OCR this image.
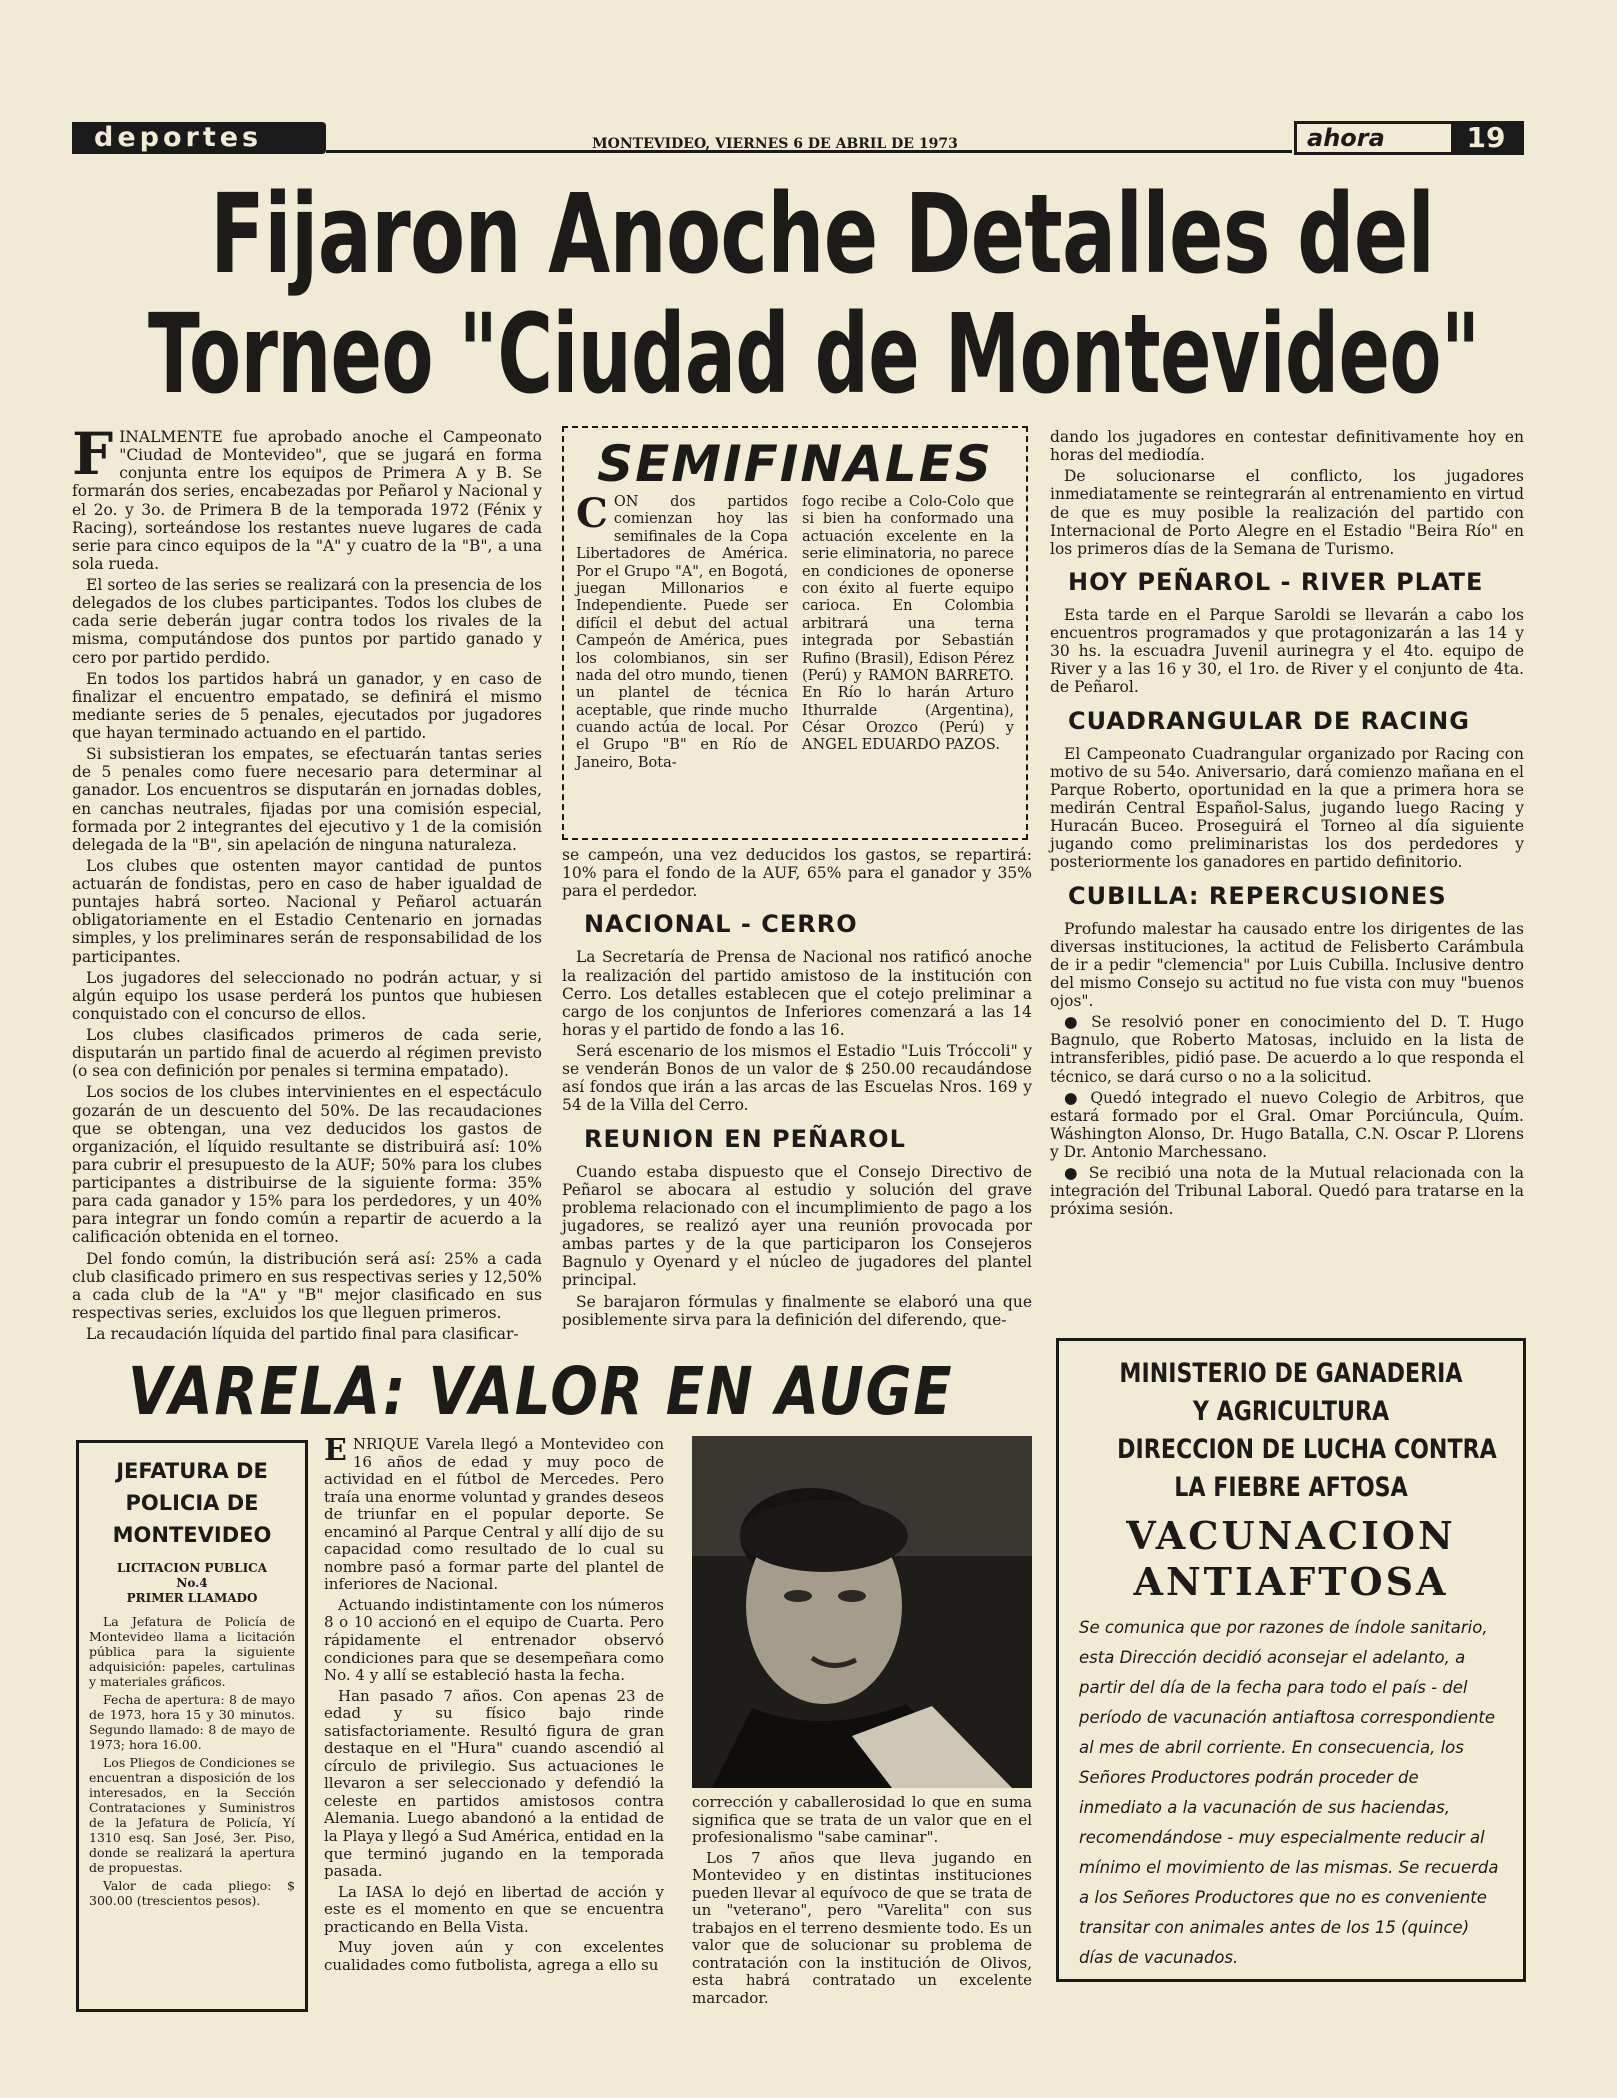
deportes	MONTEVIDEO, VIERNES 6 DE ABRIL DE 1973	ahora	19
Fijaron Anoche Detalles del
Torneo "Ciudad de Montevideo"
F INALMENTE fue aprobado anoche el Campeonato "Ciudad de Montevideo", que se jugará en forma conjunta entre los equipos de Primera A y B. Se formarán dos series, encabezadas por Peñarol y Nacional y el 2o. y 3o. de Primera B de la temporada 1972 (Fénix y Racing), sorteándose los restantes nueve lugares de cada serie para cinco equipos de la "A" y cuatro de la "B", a una sola rueda.

El sorteo de las series se realizará con la presencia de los delegados de los clubes participantes. Todos los clubes de cada serie deberán jugar contra todos los rivales de la misma, computándose dos puntos por partido ganado y cero por partido perdido.

En todos los partidos habrá un ganador, y en caso de finalizar el encuentro empatado, se definirá el mismo mediante series de 5 penales, ejecutados por jugadores que hayan terminado actuando en el partido.

Si subsistieran los empates, se efectuarán tantas series de 5 penales como fuere necesario para determinar al ganador. Los encuentros se disputarán en jornadas dobles, en canchas neutrales, fijadas por una comisión especial, formada por 2 integrantes del ejecutivo y 1 de la comisión delegada de la "B", sin apelación de ninguna naturaleza.

Los clubes que ostenten mayor cantidad de puntos actuarán de fondistas, pero en caso de haber igualdad de puntajes habrá sorteo. Nacional y Peñarol actuarán obligatoriamente en el Estadio Centenario en jornadas simples, y los preliminares serán de responsabilidad de los participantes.

Los jugadores del seleccionado no podrán actuar, y si algún equipo los usase perderá los puntos que hubiesen conquistado con el concurso de ellos.

Los clubes clasificados primeros de cada serie, disputarán un partido final de acuerdo al régimen previsto (o sea con definición por penales si termina empatado).

Los socios de los clubes intervinientes en el espectáculo gozarán de un descuento del 50%. De las recaudaciones que se obtengan, una vez deducidos los gastos de organización, el líquido resultante se distribuirá así: 10% para cubrir el presupuesto de la AUF; 50% para los clubes participantes a distribuirse de la siguiente forma: 35% para cada ganador y 15% para los perdedores, y un 40% para integrar un fondo común a repartir de acuerdo a la calificación obtenida en el torneo.

Del fondo común, la distribución será así: 25% a cada club clasificado primero en sus respectivas series y 12,50% a cada club de la "A" y "B" mejor clasificado en sus respectivas series, excluidos los que lleguen primeros.

La recaudación líquida del partido final para clasificar-

SEMIFINALES
CON dos partidos comienzan hoy las semifinales de la Copa Libertadores de América. Por el Grupo "A", en Bogotá, juegan Millonarios e Independiente. Puede ser difícil el debut del actual Campeón de América, pues los colombianos, sin ser nada del otro mundo, tienen un plantel de técnica aceptable, que rinde mucho cuando actúa de local. Por el Grupo "B" en Río de Janeiro, Bota-
fogo recibe a Colo-Colo que si bien ha conformado una actuación excelente en la serie eliminatoria, no parece en condiciones de oponerse con éxito al fuerte equipo carioca. En Colombia arbitrará una terna integrada por Sebastián Rufino (Brasil), Edison Pérez (Perú) y RAMON BARRETO. En Río lo harán Arturo Ithurralde (Argentina), César Orozco (Perú) y ANGEL EDUARDO PAZOS.

se campeón, una vez deducidos los gastos, se repartirá: 10% para el fondo de la AUF, 65% para el ganador y 35% para el perdedor.

NACIONAL - CERRO

La Secretaría de Prensa de Nacional nos ratificó anoche la realización del partido amistoso de la institución con Cerro. Los detalles establecen que el cotejo preliminar a cargo de los conjuntos de Inferiores comenzará a las 14 horas y el partido de fondo a las 16.

Será escenario de los mismos el Estadio "Luis Tróccoli" y se venderán Bonos de un valor de $ 250.00 recaudándose así fondos que irán a las arcas de las Escuelas Nros. 169 y 54 de la Villa del Cerro.

REUNION EN PEÑAROL

Cuando estaba dispuesto que el Consejo Directivo de Peñarol se abocara al estudio y solución del grave problema relacionado con el incumplimiento de pago a los jugadores, se realizó ayer una reunión provocada por ambas partes y de la que participaron los Consejeros Bagnulo y Oyenard y el núcleo de jugadores del plantel principal.

Se barajaron fórmulas y finalmente se elaboró una que posiblemente sirva para la definición del diferendo, que-

dando los jugadores en contestar definitivamente hoy en horas del mediodía.

De solucionarse el conflicto, los jugadores inmediatamente se reintegrarán al entrenamiento en virtud de que es muy posible la realización del partido con Internacional de Porto Alegre en el Estadio "Beira Río" en los primeros días de la Semana de Turismo.

HOY PEÑAROL - RIVER PLATE

Esta tarde en el Parque Saroldi se llevarán a cabo los encuentros programados y que protagonizarán a las 14 y 30 hs. la escuadra Juvenil aurinegra y el 4to. equipo de River y a las 16 y 30, el 1ro. de River y el conjunto de 4ta. de Peñarol.

CUADRANGULAR DE RACING

El Campeonato Cuadrangular organizado por Racing con motivo de su 54o. Aniversario, dará comienzo mañana en el Parque Roberto, oportunidad en la que a primera hora se medirán Central Español-Salus, jugando luego Racing y Huracán Buceo. Proseguirá el Torneo al día siguiente jugando como preliminaristas los dos perdedores y posteriormente los ganadores en partido definitorio.

CUBILLA: REPERCUSIONES

Profundo malestar ha causado entre los dirigentes de las diversas instituciones, la actitud de Felisberto Carámbula de ir a pedir "clemencia" por Luis Cubilla. Inclusive dentro del mismo Consejo su actitud no fue vista con muy "buenos ojos".

● Se resolvió poner en conocimiento del D. T. Hugo Bagnulo, que Roberto Matosas, incluido en la lista de intransferibles, pidió pase. De acuerdo a lo que responda el técnico, se dará curso o no a la solicitud.

● Quedó integrado el nuevo Colegio de Arbitros, que estará formado por el Gral. Omar Porciúncula, Quím. Wáshington Alonso, Dr. Hugo Batalla, C.N. Oscar P. Llorens y Dr. Antonio Marchessano.

● Se recibió una nota de la Mutual relacionada con la integración del Tribunal Laboral. Quedó para tratarse en la próxima sesión.

VARELA: VALOR EN AUGE
JEFATURA DE
POLICIA DE
MONTEVIDEO
LICITACION PUBLICA
No.4
PRIMER LLAMADO

La Jefatura de Policía de Montevideo llama a licitación pública para la siguiente adquisición: papeles, cartulinas y materiales gráficos.

Fecha de apertura: 8 de mayo de 1973, hora 15 y 30 minutos. Segundo llamado: 8 de mayo de 1973; hora 16.00.

Los Pliegos de Condiciones se encuentran a disposición de los interesados, en la Sección Contrataciones y Suministros de la Jefatura de Policía, Yí 1310 esq. San José, 3er. Piso, donde se realizará la apertura de propuestas.

Valor de cada pliego: $ 300.00 (trescientos pesos).

E NRIQUE Varela llegó a Montevideo con 16 años de edad y muy poco de actividad en el fútbol de Mercedes. Pero traía una enorme voluntad y grandes deseos de triunfar en el popular deporte. Se encaminó al Parque Central y allí dijo de su capacidad como resultado de lo cual su nombre pasó a formar parte del plantel de inferiores de Nacional.

Actuando indistintamente con los números 8 o 10 accionó en el equipo de Cuarta. Pero rápidamente el entrenador observó condiciones para que se desempeñara como No. 4 y allí se estableció hasta la fecha.

Han pasado 7 años. Con apenas 23 de edad y su físico bajo rinde satisfactoriamente. Resultó figura de gran destaque en el "Hura" cuando ascendió al círculo de privilegio. Sus actuaciones le llevaron a ser seleccionado y defendió la celeste en partidos amistosos contra Alemania. Luego abandonó a la entidad de la Playa y llegó a Sud América, entidad en la que terminó jugando en la temporada pasada.

La IASA lo dejó en libertad de acción y este es el momento en que se encuentra practicando en Bella Vista.

Muy joven aún y con excelentes cualidades como futbolista, agrega a ello su

corrección y caballerosidad lo que en suma significa que se trata de un valor que en el profesionalismo "sabe caminar".

Los 7 años que lleva jugando en Montevideo y en distintas instituciones pueden llevar al equívoco de que se trata de un "veterano", pero "Varelita" con sus trabajos en el terreno desmiente todo. Es un valor que de solucionar su problema de contratación con la institución de Olivos, esta habrá contratado un excelente marcador.

MINISTERIO DE GANADERIA
Y AGRICULTURA
DIRECCION DE LUCHA CONTRA
LA FIEBRE AFTOSA
VACUNACION
ANTIAFTOSA
Se comunica que por razones de índole sanitario, esta Dirección decidió aconsejar el adelanto, a partir del día de la fecha para todo el país - del período de vacunación antiaftosa correspondiente al mes de abril corriente. En consecuencia, los Señores Productores podrán proceder de inmediato a la vacunación de sus haciendas, recomendándose - muy especialmente reducir al mínimo el movimiento de las mismas. Se recuerda a los Señores Productores que no es conveniente transitar con animales antes de los 15 (quince) días de vacunados.
